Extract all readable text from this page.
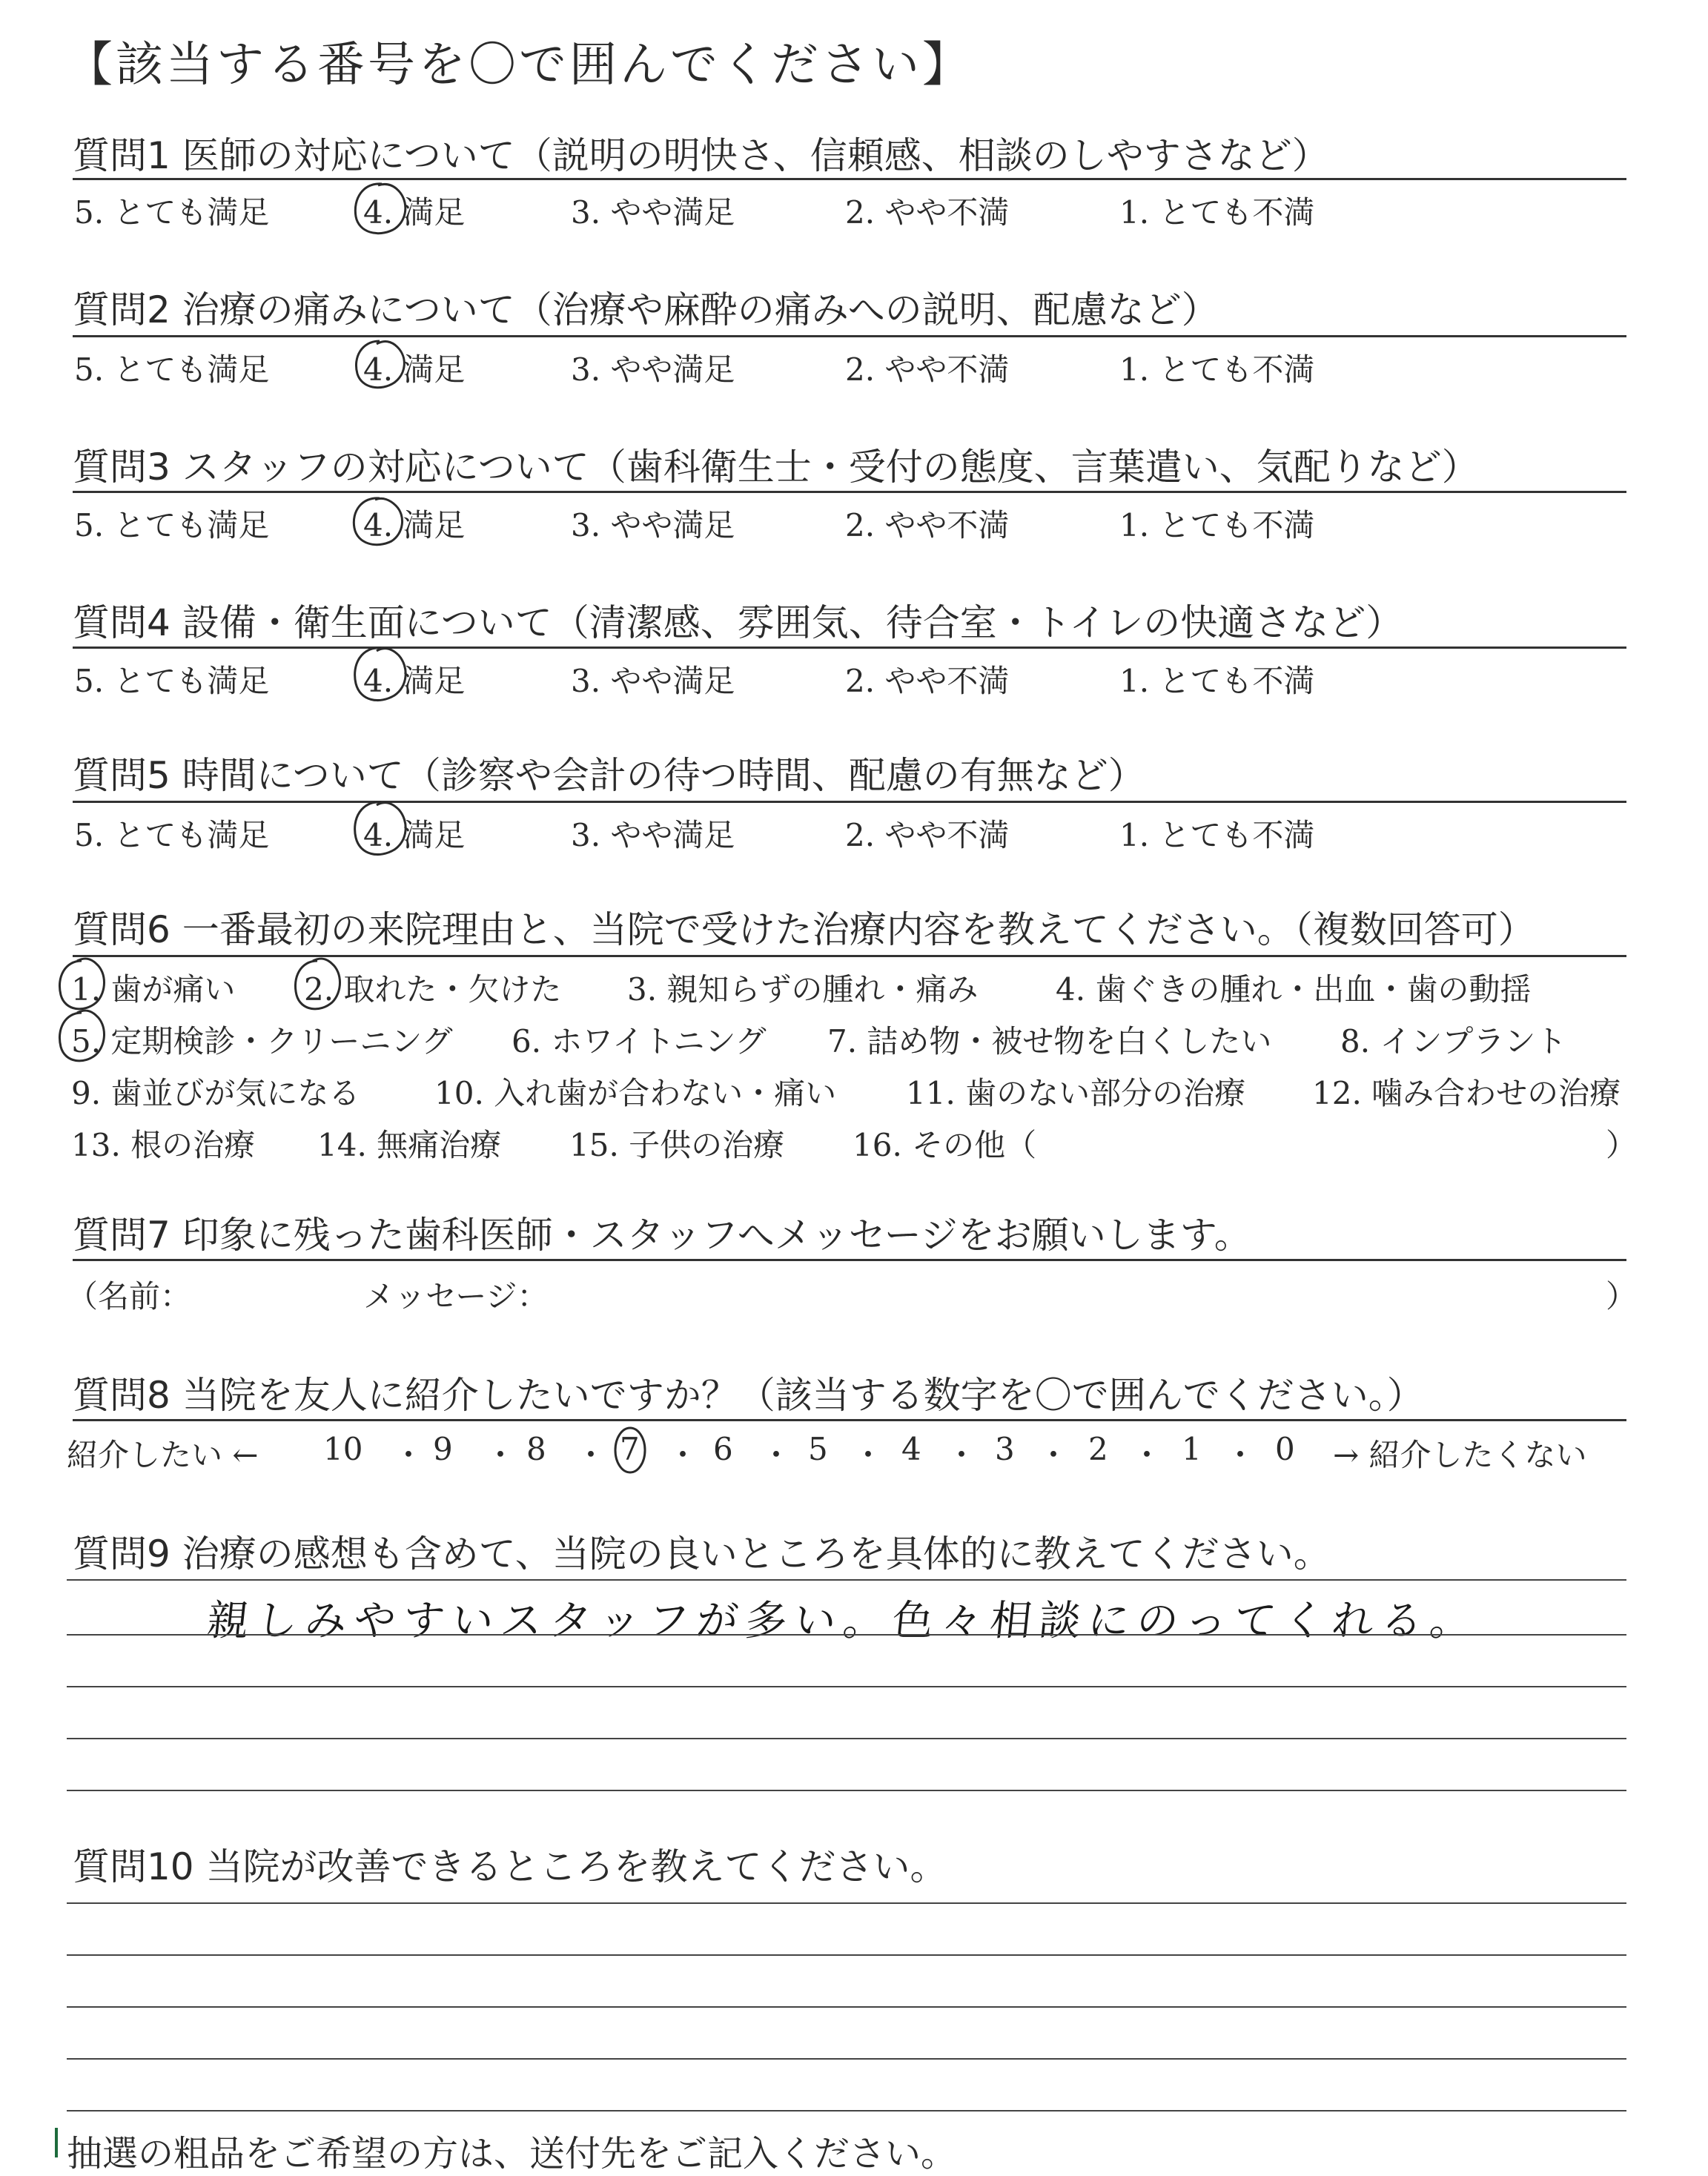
【該当する番号を〇で囲んでください】
質問1 医師の対応について（説明の明快さ、信頼感、相談のしやすさなど）
5. とても満足	4. 満足	3. やや満足	2. やや不満	1. とても不満
質問2 治療の痛みについて（治療や麻酔の痛みへの説明、配慮など）
5. とても満足	4. 満足	3. やや満足	2. やや不満	1. とても不満
質問3 スタッフの対応について（歯科衛生士・受付の態度、言葉遣い、気配りなど）
5. とても満足	4. 満足	3. やや満足	2. やや不満	1. とても不満
質問4 設備・衛生面について（清潔感、雰囲気、待合室・トイレの快適さなど）
5. とても満足	4. 満足	3. やや満足	2. やや不満	1. とても不満
質問5 時間について（診察や会計の待つ時間、配慮の有無など）
5. とても満足	4. 満足	3. やや満足	2. やや不満	1. とても不満
質問6 一番最初の来院理由と、当院で受けた治療内容を教えてください。（複数回答可）
1. 歯が痛い 2. 取れた・欠けた 3. 親知らずの腫れ・痛み 4. 歯ぐきの腫れ・出血・歯の動揺
5. 定期検診・クリーニング 6. ホワイトニング 7. 詰め物・被せ物を白くしたい 8. インプラント
9. 歯並びが気になる 10. 入れ歯が合わない・痛い 11. 歯のない部分の治療 12. 噛み合わせの治療
13. 根の治療 14. 無痛治療 15. 子供の治療 16. その他（	）
質問7 印象に残った歯科医師・スタッフへメッセージをお願いします。
（名前：	メッセージ：	）
質問8 当院を友人に紹介したいですか？（該当する数字を〇で囲んでください。）
紹介したい ← 10 ・ 9 ・ 8 ・ 7 ・ 6 ・ 5 ・ 4 ・ 3 ・ 2 ・ 1 ・ 0 → 紹介したくない
質問9 治療の感想も含めて、当院の良いところを具体的に教えてください。
親しみやすいスタッフが多い。色々相談にのってくれる。
質問10 当院が改善できるところを教えてください。
抽選の粗品をご希望の方は、送付先をご記入ください。
